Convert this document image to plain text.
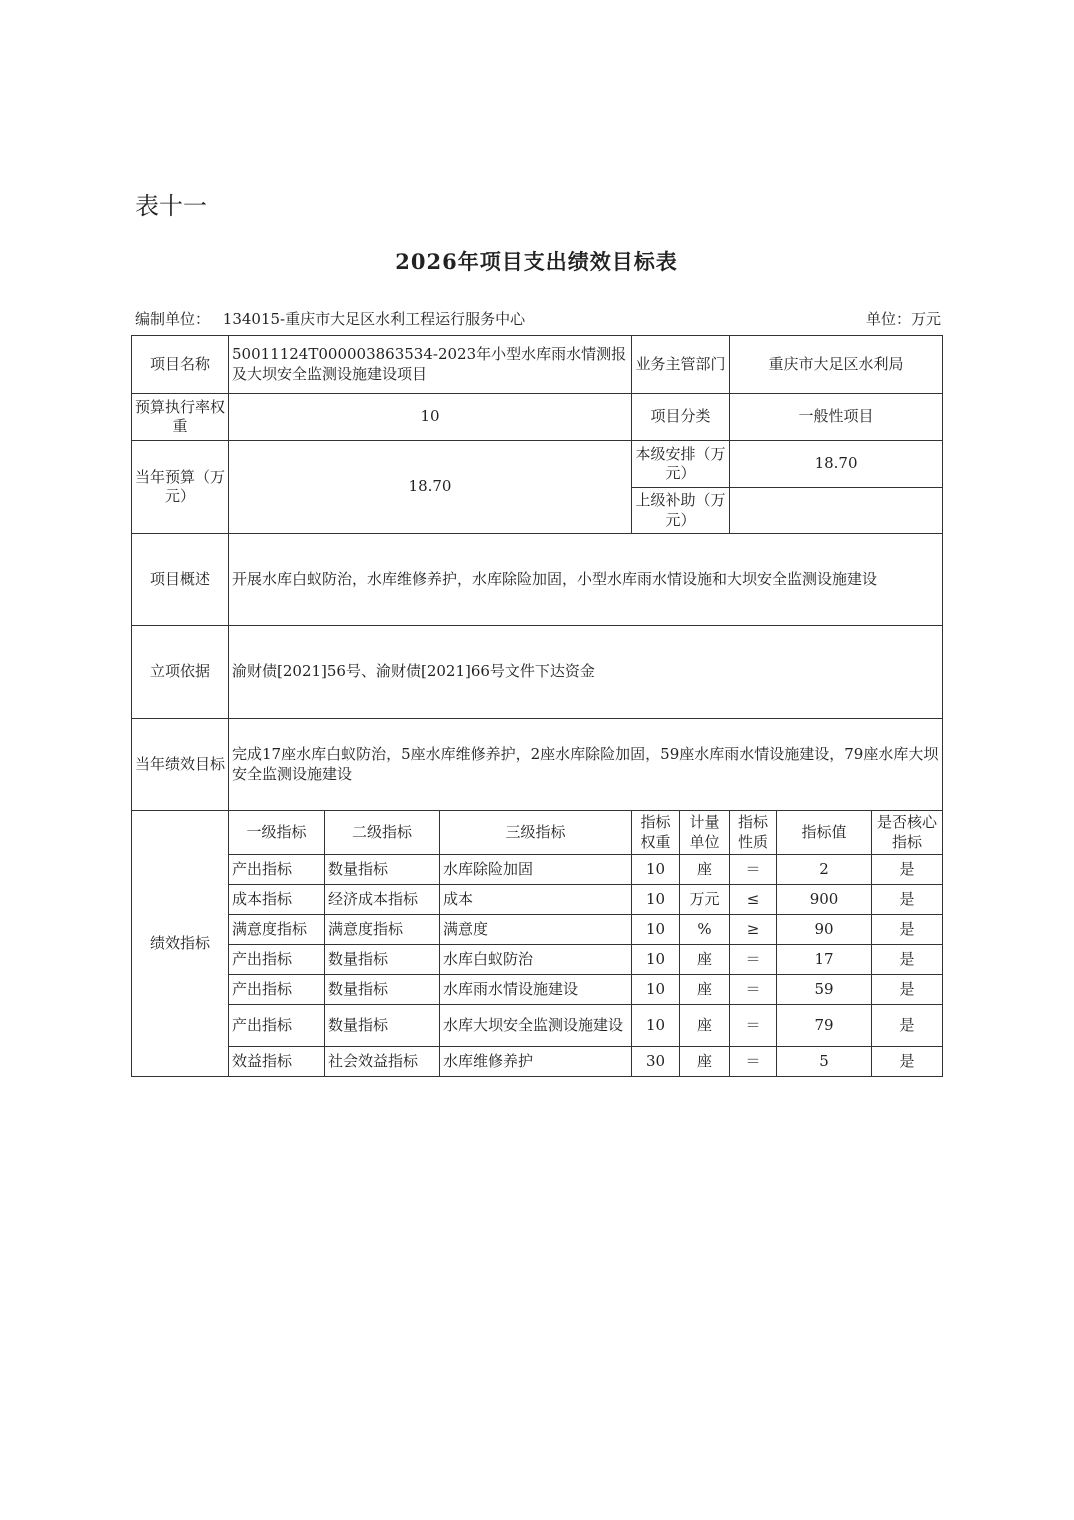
表十一
2026年项目支出绩效目标表
编制单位： 134015-重庆市大足区水利工程运行服务中心	单位：万元
项目名称	50011124T000003863534-2023年小型水库雨水情测报及大坝安全监测设施建设项目			业务主管部门		重庆市大足区水利局		
预算执行率权重	10			项目分类		一般性项目		
当年预算（万元）	18.70			本级安排（万元）		18.70		
				上级补助（万元）				
项目概述	开展水库白蚁防治，水库维修养护，水库除险加固，小型水库雨水情设施和大坝安全监测设施建设							
立项依据	渝财债[2021]56号、渝财债[2021]66号文件下达资金							
当年绩效目标	完成17座水库白蚁防治，5座水库维修养护，2座水库除险加固，59座水库雨水情设施建设，79座水库大坝安全监测设施建设							
绩效指标	一级指标	二级指标	三级指标	指标权重	计量单位	指标性质	指标值	是否核心指标
	产出指标	数量指标	水库除险加固	10	座	＝	2	是
	成本指标	经济成本指标	成本	10	万元	≤	900	是
	满意度指标	满意度指标	满意度	10	%	≥	90	是
	产出指标	数量指标	水库白蚁防治	10	座	＝	17	是
	产出指标	数量指标	水库雨水情设施建设	10	座	＝	59	是
	产出指标	数量指标	水库大坝安全监测设施建设	10	座	＝	79	是
	效益指标	社会效益指标	水库维修养护	30	座	＝	5	是
